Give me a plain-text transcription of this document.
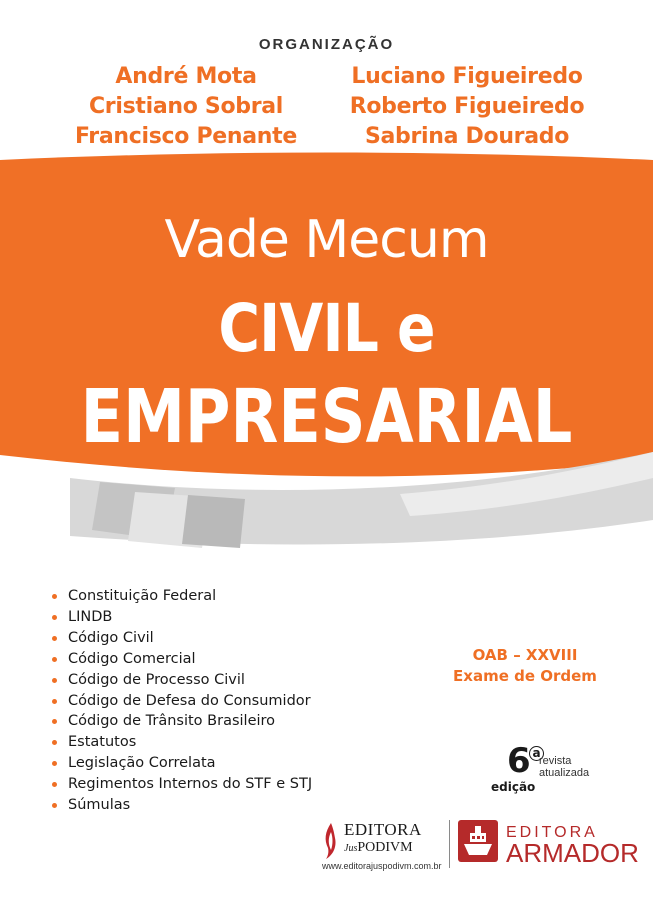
ORGANIZAÇÃO
André Mota
Cristiano Sobral
Francisco Penante
Luciano Figueiredo
Roberto Figueiredo
Sabrina Dourado
Vade Mecum
CIVIL e
EMPRESARIAL
Constituição Federal
LINDB
Código Civil
Código Comercial
Código de Processo Civil
Código de Defesa do Consumidor
Código de Trânsito Brasileiro
Estatutos
Legislação Correlata
Regimentos Internos do STF e STJ
Súmulas
OAB – XXVIII
Exame de Ordem
6 a
edição
revista
atualizada
EDITORA
JusPODIVM
www.editorajuspodivm.com.br
EDITORA
ARMADOR
